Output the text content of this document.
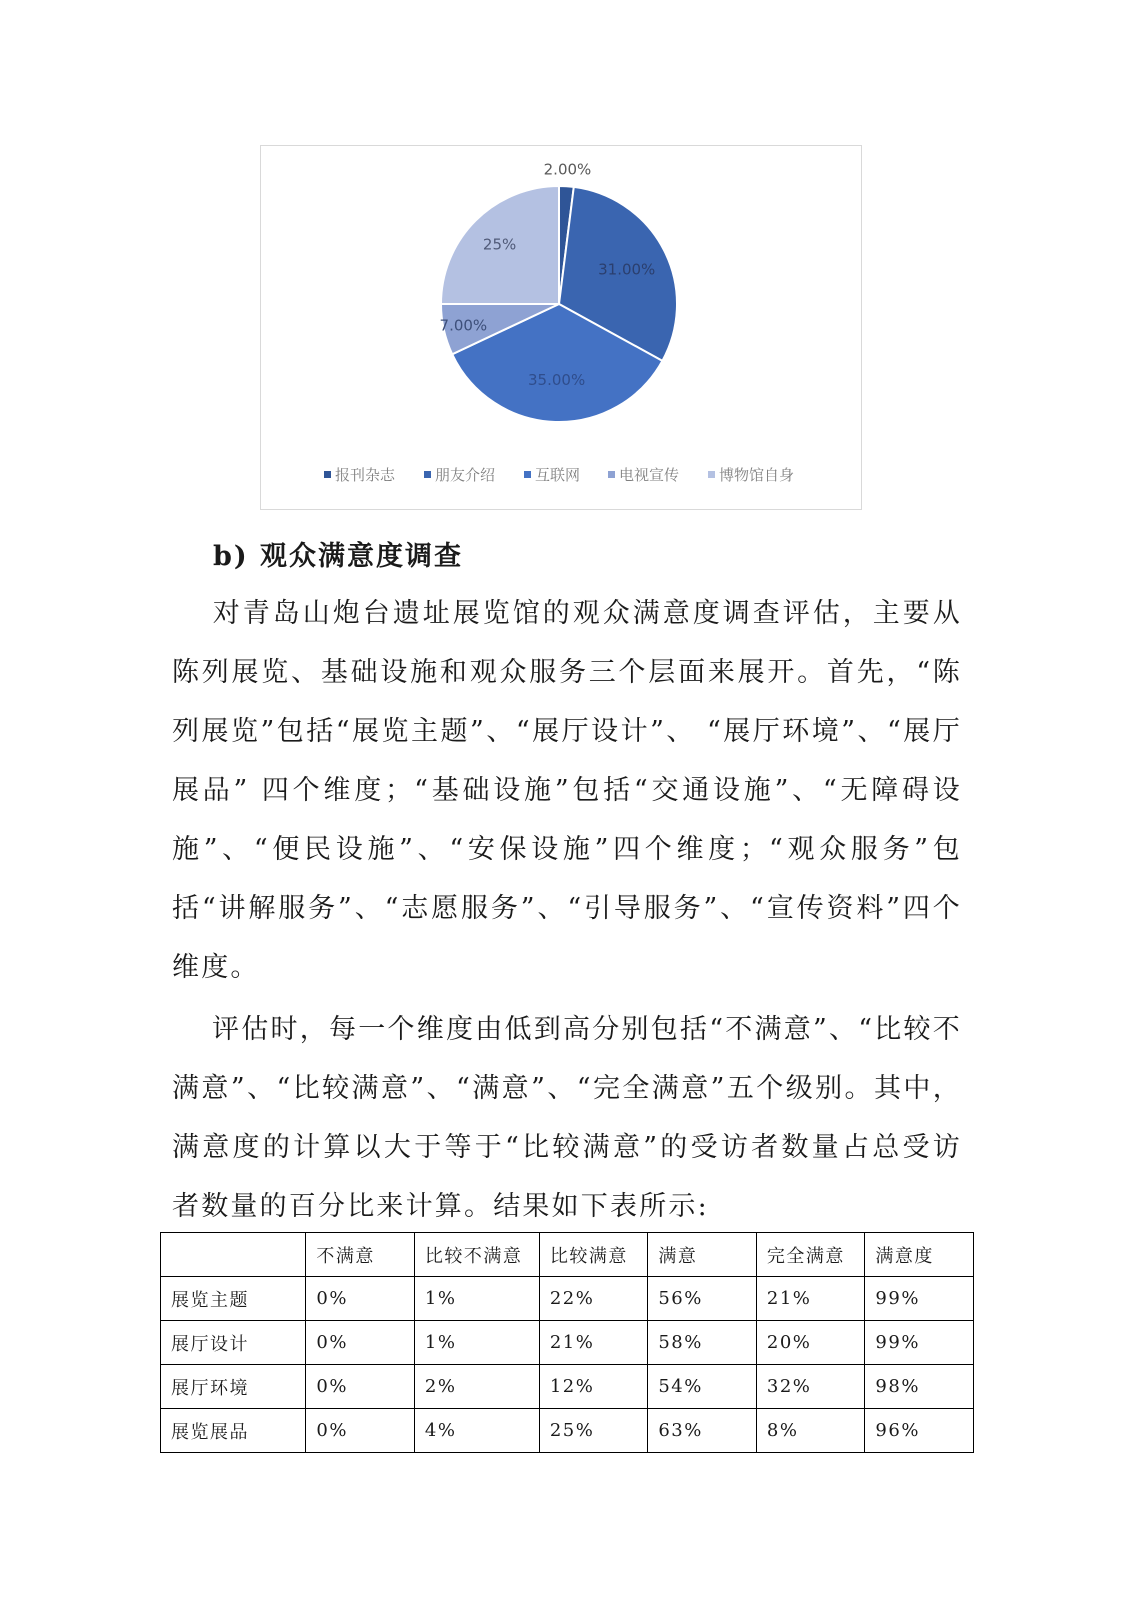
2.00%
31.00%
35.00%
7.00%
25%
报刊杂志	朋友介绍	互联网	电视宣传	博物馆自身
b) 观众满意度调查

对青岛山炮台遗址展览馆的观众满意度调查评估，主要从陈列展览、基础设施和观众服务三个层面来展开。首先，“陈列展览”包括“展览主题”、“展厅设计”、 “展厅环境”、“展厅展品” 四个维度；“基础设施”包括“交通设施”、“无障碍设施”、“便民设施”、“安保设施”四个维度；“观众服务”包括“讲解服务”、“志愿服务”、“引导服务”、“宣传资料”四个维度。

评估时，每一个维度由低到高分别包括“不满意”、“比较不满意”、“比较满意”、“满意”、“完全满意”五个级别。其中，满意度的计算以大于等于“比较满意”的受访者数量占总受访者数量的百分比来计算。结果如下表所示:

	不满意	比较不满意	比较满意	满意	完全满意	满意度
展览主题	0%	1%	22%	56%	21%	99%
展厅设计	0%	1%	21%	58%	20%	99%
展厅环境	0%	2%	12%	54%	32%	98%
展览展品	0%	4%	25%	63%	8%	96%
